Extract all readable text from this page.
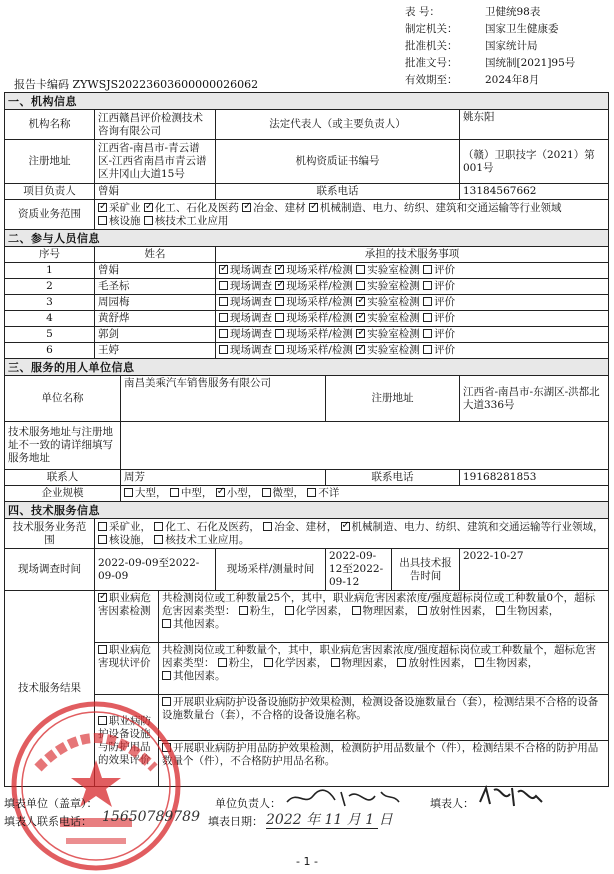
表 号：	卫健统98表
制定机关：	国家卫生健康委
批准机关：	国家统计局
批准文号：	国统制[2021]95号
有效期至：	2024年8月
报告卡编码 ZYWSJS20223603600000026062
一、机构信息							
机构名称	江西赣昌评价检测技术咨询有限公司			法定代表人（或主要负责人）			姚东阳
注册地址	江西省-南昌市-青云谱区-江西省南昌市青云谱区井冈山大道15号			机构资质证书编号			（赣）卫职技字（2021）第001号
项目负责人	曾娟			联系电话			13184567662
资质业务范围	✓采矿业 ✓ 化工、石化及医药 ✓ 冶金、建材 ✓ 机械制造、电力、纺织、建筑和交通运输等行业领域 核设施 核技术工业应用
二、参与人员信息							
序号	姓名			承担的技术服务事项			
1	曾娟	✓现场调查 ✓ 现场采样/检测 实验室检测 评价
2	毛圣标			现场调查 ✓ 现场采样/检测 实验室检测 评价
3	周园梅			现场调查 现场采样/检测 ✓ 实验室检测 评价
4	黄舒烨			现场调查 现场采样/检测 ✓ 实验室检测 评价
5	郭剑			现场调查 现场采样/检测 ✓ 实验室检测 评价
6	王婷			现场调查 现场采样/检测 ✓ 实验室检测 评价
三、服务的用人单位信息							
单位名称		南昌美乘汽车销售服务有限公司			注册地址		江西省-南昌市-东湖区-洪都北大道336号
技术服务地址与注册地址不一致的请详细填写服务地址							
联系人		周芳			联系电话		19168281853
企业规模		大型， 中型， ✓小型， 微型， 不详
四、技术服务信息							
技术服务业务范围	采矿业， 化工、石化及医药， 冶金、建材， ✓机械制造、电力、纺织、建筑和交通运输等行业领域， 核设施， 核技术工业应用。
现场调查时间	2022-09-09至2022-09-09			现场采样/测量时间	2022-09-12至2022-09-12	出具技术报告时间	2022-10-27
技术服务结果	✓职业病危害因素检测		共检测岗位或工种数量25个，其中，职业病危害因素浓度/强度超标岗位或工种数量0个，超标危害因素类型： 粉生， 化学因素， 物理因素， 放射性因素， 生物因素， 其他因素。				
	职业病危害现状评价		共检测岗位或工种数量个，其中，职业病危害因素浓度/强度超标岗位或工种数量个，超标危害因素类型： 粉尘， 化学因素， 物理因素， 放射性因素， 生物因素， 其他因素。				
	职业病防护设备设施与防护用品的效果评价		开展职业病防护设备设施防护效果检测，检测设备设施数量台（套），检测结果不合格的设备设施数量台（套），不合格的设备设施名称。				
			开展职业病防护用品防护效果检测，检测防护用品数量个（件），检测结果不合格的防护用品数量个（件），不合格防护用品名称。				
填表单位（盖章）：	单位负责人：	填表人：
填表人联系电话： 15650789789 填表日期： 2022 年 11 月 1 日
- 1 -
